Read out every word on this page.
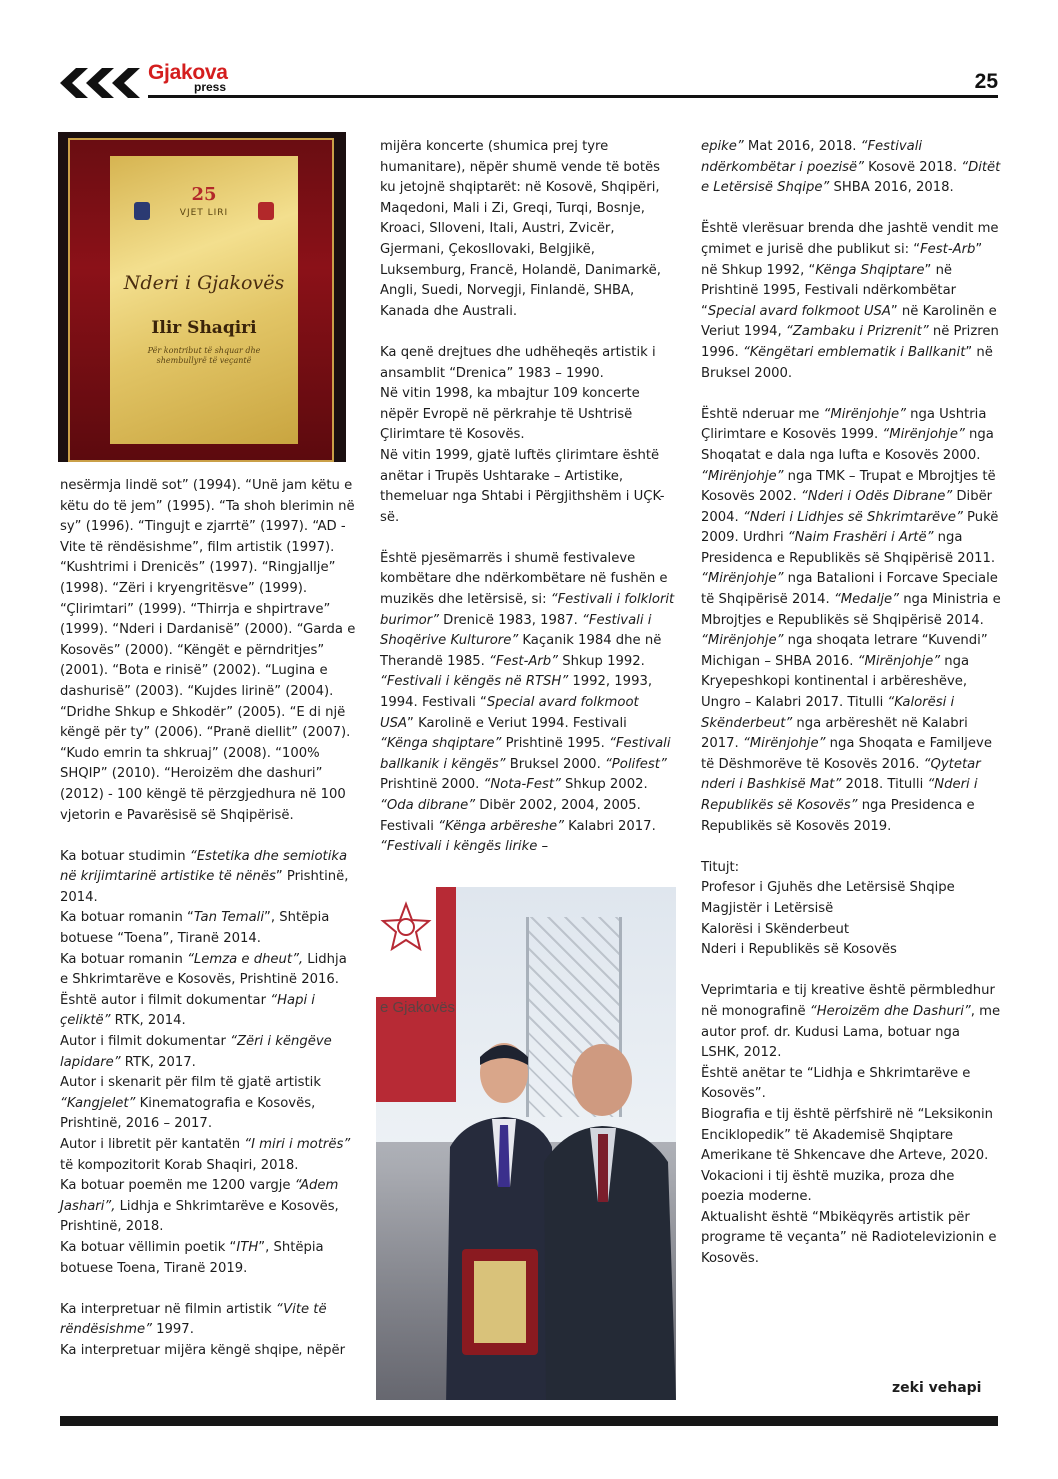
Gjakova
press	25
25
VJET LIRI
Nderi i Gjakovës
Ilir Shaqiri
Për kontribut të shquar dhe shembullyrë të veçantë

nesërmja lindë sot” (1994). “Unë jam këtu e këtu do të jem” (1995). “Ta shoh blerimin në sy” (1996). “Tingujt e zjarrtë” (1997). “AD - Vite të rëndësishme”, film artistik (1997). “Kushtrimi i Drenicës” (1997). “Ringjallje” (1998). “Zëri i kryengritësve” (1999). “Çlirimtari” (1999). “Thirrja e shpirtrave” (1999). “Nderi i Dardanisë” (2000). “Garda e Kosovës” (2000). “Këngët e përndritjes” (2001). “Bota e rinisë” (2002). “Lugina e dashurisë” (2003). “Kujdes lirinë” (2004). “Dridhe Shkup e Shkodër” (2005). “E di një këngë për ty” (2006). “Pranë diellit” (2007). “Kudo emrin ta shkruaj” (2008). “100% SHQIP” (2010). “Heroizëm dhe dashuri” (2012) - 100 këngë të përzgjedhura në 100 vjetorin e Pavarësisë së Shqipërisë.

Ka botuar studimin “Estetika dhe semiotika në krijimtarinë artistike të nënës” Prishtinë, 2014.

Ka botuar romanin “Tan Temali”, Shtëpia botuese “Toena”, Tiranë 2014.

Ka botuar romanin “Lemza e dheut”, Lidhja e Shkrimtarëve e Kosovës, Prishtinë 2016.

Është autor i filmit dokumentar “Hapi i çeliktë” RTK, 2014.

Autor i filmit dokumentar “Zëri i këngëve lapidare” RTK, 2017.

Autor i skenarit për film të gjatë artistik “Kangjelet” Kinematografia e Kosovës, Prishtinë, 2016 – 2017.

Autor i libretit për kantatën “I miri i motrës” të kompozitorit Korab Shaqiri, 2018.

Ka botuar poemën me 1200 vargje “Adem Jashari”, Lidhja e Shkrimtarëve e Kosovës, Prishtinë, 2018.

Ka botuar vëllimin poetik “ITH”, Shtëpia botuese Toena, Tiranë 2019.

Ka interpretuar në filmin artistik “Vite të rëndësishme” 1997.

Ka interpretuar mijëra këngë shqipe, nëpër

mijëra koncerte (shumica prej tyre humanitare), nëpër shumë vende të botës ku jetojnë shqiptarët: në Kosovë, Shqipëri, Maqedoni, Mali i Zi, Greqi, Turqi, Bosnje, Kroaci, Slloveni, Itali, Austri, Zvicër, Gjermani, Çekosllovaki, Belgjikë, Luksemburg, Francë, Holandë, Danimarkë, Angli, Suedi, Norvegji, Finlandë, SHBA, Kanada dhe Australi.

Ka qenë drejtues dhe udhëheqës artistik i ansamblit “Drenica” 1983 – 1990.

Në vitin 1998, ka mbajtur 109 koncerte nëpër Evropë në përkrahje të Ushtrisë Çlirimtare të Kosovës.

Në vitin 1999, gjatë luftës çlirimtare është anëtar i Trupës Ushtarake – Artistike, themeluar nga Shtabi i Përgjithshëm i UÇK-së.

Është pjesëmarrës i shumë festivaleve kombëtare dhe ndërkombëtare në fushën e muzikës dhe letërsisë, si: “Festivali i folklorit burimor” Drenicë 1983, 1987. “Festivali i Shoqërive Kulturore” Kaçanik 1984 dhe në Therandë 1985. “Fest-Arb” Shkup 1992. “Festivali i këngës në RTSH” 1992, 1993, 1994. Festivali “Special avard folkmoot USA” Karolinë e Veriut 1994. Festivali “Kënga shqiptare” Prishtinë 1995. “Festivali ballkanik i këngës” Bruksel 2000. “Polifest” Prishtinë 2000. “Nota-Fest” Shkup 2002. “Oda dibrane” Dibër 2002, 2004, 2005. Festivali “Kënga arbëreshe” Kalabri 2017. “Festivali i këngës lirike –

e Gjakovës

epike” Mat 2016, 2018. “Festivali ndërkombëtar i poezisë” Kosovë 2018. “Ditët e Letërsisë Shqipe” SHBA 2016, 2018.

Është vlerësuar brenda dhe jashtë vendit me çmimet e jurisë dhe publikut si: “Fest-Arb” në Shkup 1992, “Kënga Shqiptare” në Prishtinë 1995, Festivali ndërkombëtar “Special avard folkmoot USA” në Karolinën e Veriut 1994, “Zambaku i Prizrenit” në Prizren 1996. “Këngëtari emblematik i Ballkanit” në Bruksel 2000.

Është nderuar me “Mirënjohje” nga Ushtria Çlirimtare e Kosovës 1999. “Mirënjohje” nga Shoqatat e dala nga lufta e Kosovës 2000. “Mirënjohje” nga TMK – Trupat e Mbrojtjes të Kosovës 2002. “Nderi i Odës Dibrane” Dibër 2004. “Nderi i Lidhjes së Shkrimtarëve” Pukë 2009. Urdhri “Naim Frashëri i Artë” nga Presidenca e Republikës së Shqipërisë 2011. “Mirënjohje” nga Batalioni i Forcave Speciale të Shqipërisë 2014. “Medalje” nga Ministria e Mbrojtjes e Republikës së Shqipërisë 2014. “Mirënjohje” nga shoqata letrare “Kuvendi” Michigan – SHBA 2016. “Mirënjohje” nga Kryepeshkopi kontinental i arbëreshëve, Ungro – Kalabri 2017. Titulli “Kalorësi i Skënderbeut” nga arbëreshët në Kalabri 2017. “Mirënjohje” nga Shoqata e Familjeve të Dëshmorëve të Kosovës 2016. “Qytetar nderi i Bashkisë Mat” 2018. Titulli “Nderi i Republikës së Kosovës” nga Presidenca e Republikës së Kosovës 2019.

Titujt:

Profesor i Gjuhës dhe Letërsisë Shqipe

Magjistër i Letërsisë

Kalorësi i Skënderbeut

Nderi i Republikës së Kosovës

Veprimtaria e tij kreative është përmbledhur në monografinë “Heroizëm dhe Dashuri”, me autor prof. dr. Kudusi Lama, botuar nga LSHK, 2012.

Është anëtar te “Lidhja e Shkrimtarëve e Kosovës”.

Biografia e tij është përfshirë në “Leksikonin Enciklopedik” të Akademisë Shqiptare Amerikane të Shkencave dhe Arteve, 2020.

Vokacioni i tij është muzika, proza dhe poezia moderne.

Aktualisht është “Mbikëqyrës artistik për programe të veçanta” në Radiotelevizionin e Kosovës.

zeki vehapi
